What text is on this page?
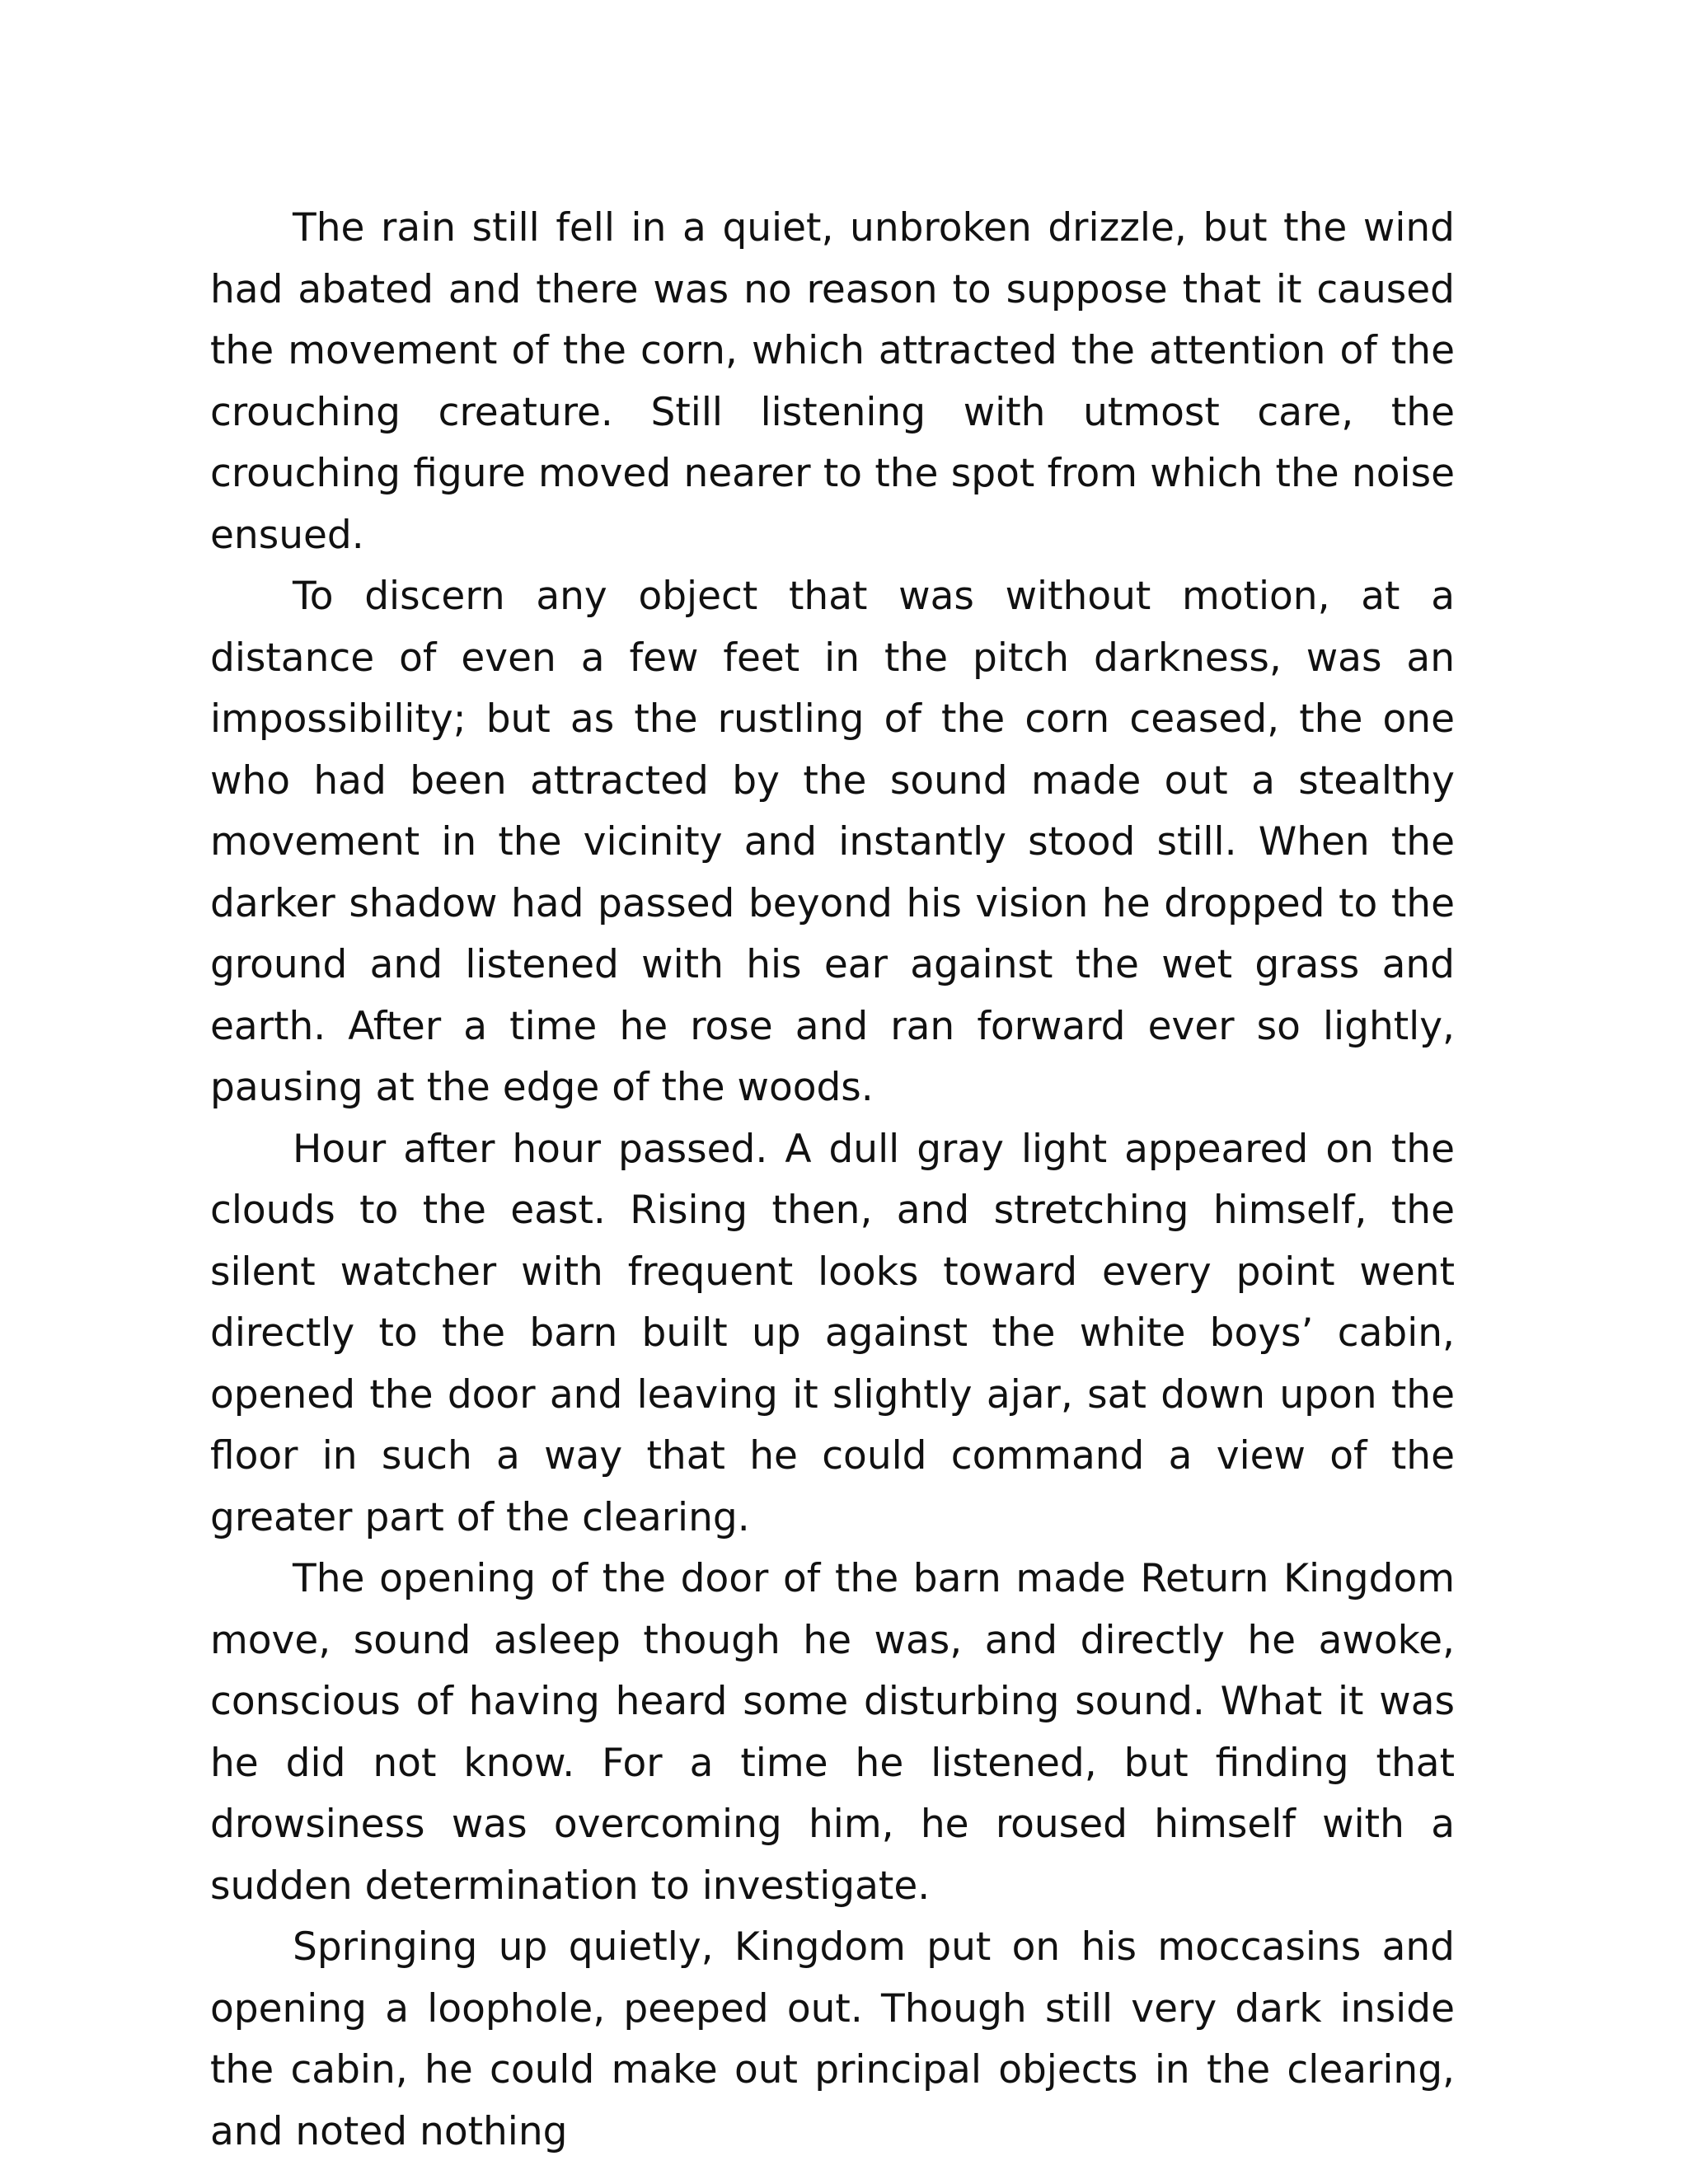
The rain still fell in a quiet, unbroken drizzle, but the wind had abated and there was no reason to suppose that it caused the movement of the corn, which attracted the attention of the crouching creature. Still listening with utmost care, the crouching figure moved nearer to the spot from which the noise ensued.

To discern any object that was without motion, at a distance of even a few feet in the pitch darkness, was an impossibility; but as the rustling of the corn ceased, the one who had been attracted by the sound made out a stealthy movement in the vicinity and instantly stood still. When the darker shadow had passed beyond his vision he dropped to the ground and listened with his ear against the wet grass and earth. After a time he rose and ran forward ever so lightly, pausing at the edge of the woods.

Hour after hour passed. A dull gray light appeared on the clouds to the east. Rising then, and stretching himself, the silent watcher with frequent looks toward every point went directly to the barn built up against the white boys’ cabin, opened the door and leaving it slightly ajar, sat down upon the floor in such a way that he could command a view of the greater part of the clearing.

The opening of the door of the barn made Return Kingdom move, sound asleep though he was, and directly he awoke, conscious of having heard some disturbing sound. What it was he did not know. For a time he listened, but finding that drowsiness was overcoming him, he roused himself with a sudden determination to investigate.

Springing up quietly, Kingdom put on his moccasins and opening a loophole, peeped out. Though still very dark inside the cabin, he could make out principal objects in the clearing, and noted nothing
